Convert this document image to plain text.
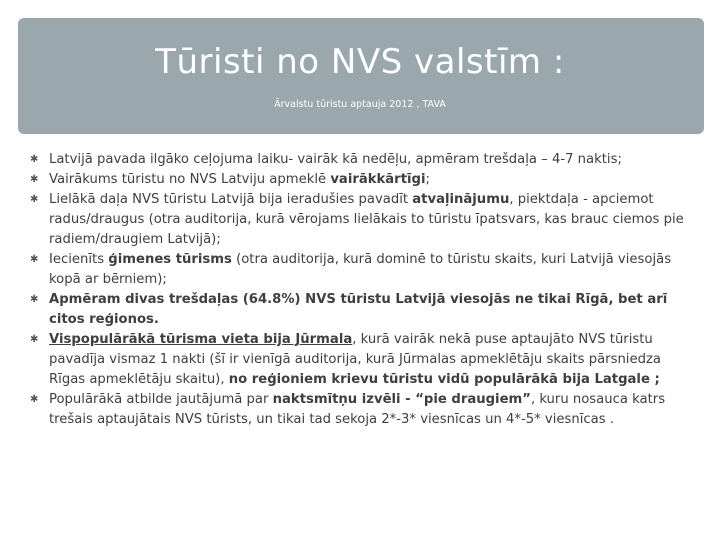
Tūristi no NVS valstīm :
Ārvalstu tūristu aptauja 2012 , TAVA
✱ Latvijā pavada ilgāko ceļojuma laiku- vairāk kā nedēļu, apmēram trešdaļa – 4-7 naktis;
✱ Vairākums tūristu no NVS Latviju apmeklē vairākkārtīgi;
✱ Lielākā daļa NVS tūristu Latvijā bija ieradušies pavadīt atvaļinājumu, piektdaļa - apciemot radus/draugus (otra auditorija, kurā vērojams lielākais to tūristu īpatsvars, kas brauc ciemos pie radiem/draugiem Latvijā);
✱ Iecienīts ģimenes tūrisms (otra auditorija, kurā dominē to tūristu skaits, kuri Latvijā viesojās kopā ar bērniem);
✱ Apmēram divas trešdaļas (64.8%) NVS tūristu Latvijā viesojās ne tikai Rīgā, bet arī citos reģionos.
✱ Vispopulārākā tūrisma vieta bija Jūrmala, kurā vairāk nekā puse aptaujāto NVS tūristu pavadīja vismaz 1 nakti (šī ir vienīgā auditorija, kurā Jūrmalas apmeklētāju skaits pārsniedza Rīgas apmeklētāju skaitu), no reģioniem krievu tūristu vidū populārākā bija Latgale ;
✱ Populārākā atbilde jautājumā par naktsmītņu izvēli - “pie draugiem”, kuru nosauca katrs trešais aptaujātais NVS tūrists, un tikai tad sekoja 2*-3* viesnīcas un 4*-5* viesnīcas .
